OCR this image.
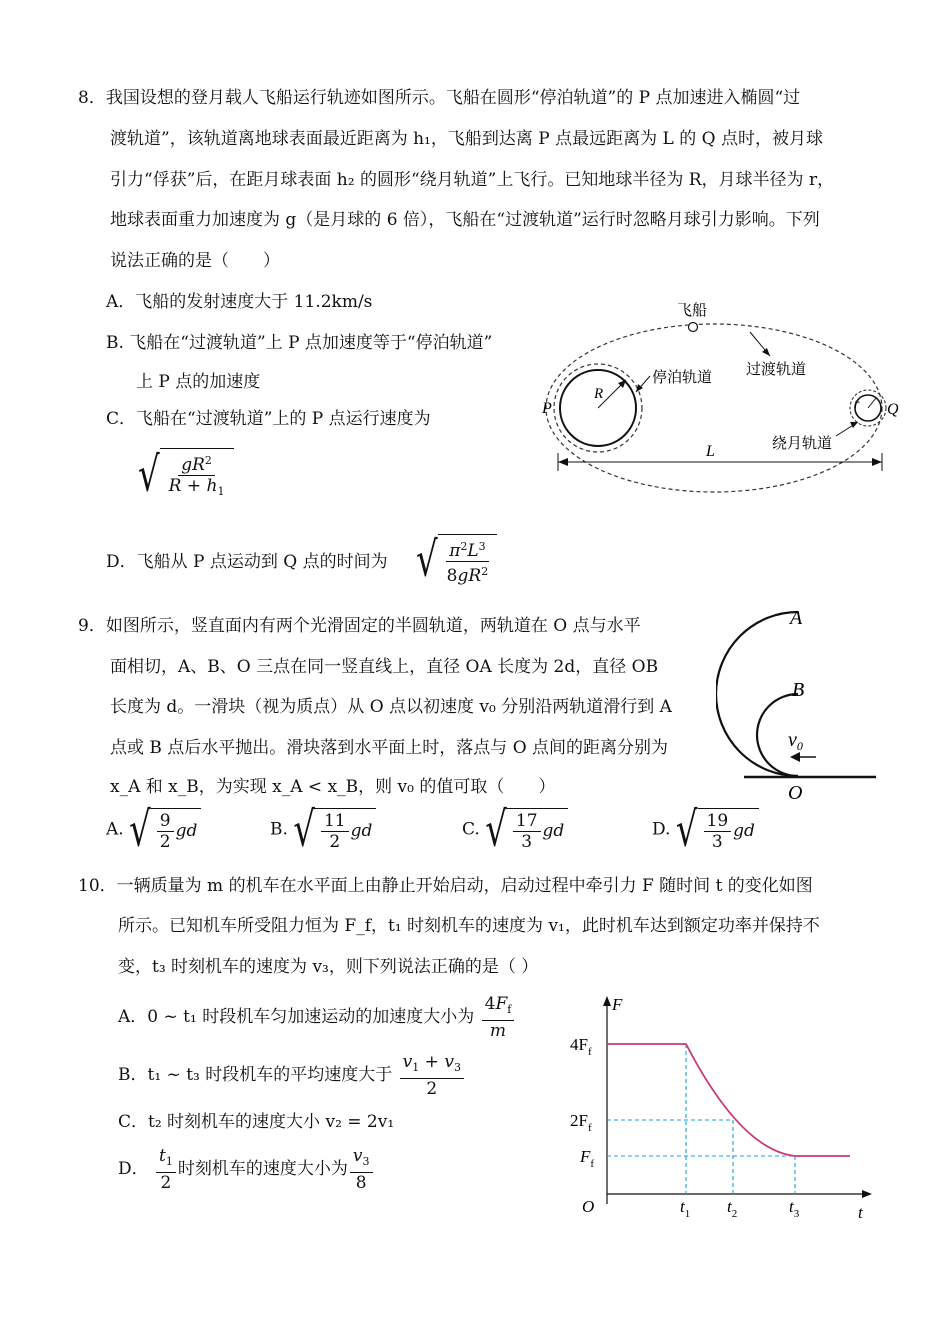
8．我国设想的登月载人飞船运行轨迹如图所示。飞船在圆形“停泊轨道”的 P 点加速进入椭圆“过
渡轨道”，该轨道离地球表面最近距离为 h₁，飞船到达离 P 点最远距离为 L 的 Q 点时，被月球
引力“俘获”后，在距月球表面 h₂ 的圆形“绕月轨道”上飞行。已知地球半径为 R，月球半径为 r，
地球表面重力加速度为 g（是月球的 6 倍），飞船在“过渡轨道”运行时忽略月球引力影响。下列
说法正确的是（　　）
A．飞船的发射速度大于 11.2km/s
B. 飞船在“过渡轨道”上 P 点加速度等于“停泊轨道”
上 P 点的加速度
C．飞船在“过渡轨道”上的 P 点运行速度为
√ $\frac{gR^2}{R + h_1}$
D．飞船从 P 点运动到 Q 点的时间为 √ $\frac{\pi^2L^3}{8gR^2}$
R
r
飞船
停泊轨道 过渡轨道
绕月轨道
P	Q
L
9．如图所示，竖直面内有两个光滑固定的半圆轨道，两轨道在 O 点与水平
面相切，A、B、O 三点在同一竖直线上，直径 OA 长度为 2d，直径 OB
长度为 d。一滑块（视为质点）从 O 点以初速度 v₀ 分别沿两轨道滑行到 A
点或 B 点后水平抛出。滑块落到水平面上时，落点与 O 点间的距离分别为
x_A 和 x_B，为实现 x_A < x_B，则 v₀ 的值可取（　　）
A. √ $\frac{9}{2}$ gd	B. √ $\frac{11}{2}$ gd	C. √ $\frac{17}{3}$ gd	D. √ $\frac{19}{3}$ gd
A
B
O
$v_0$
10．一辆质量为 m 的机车在水平面上由静止开始启动，启动过程中牵引力 F 随时间 t 的变化如图
所示。已知机车所受阻力恒为 F_f，t₁ 时刻机车的速度为 v₁，此时机车达到额定功率并保持不
变，t₃ 时刻机车的速度为 v₃，则下列说法正确的是（ ）
A．0 ~ t₁ 时段机车匀加速运动的加速度大小为 $\frac{4F_f}{m}$
B．t₁ ~ t₃ 时段机车的平均速度大于 $\frac{v_1 + v_3}{2}$
C．t₂ 时刻机车的速度大小 v₂ = 2v₁
D． $\frac{t_1}{2}$ 时刻机车的速度大小为 $\frac{v_3}{8}$
F
t
O
$4F_f$
$2F_f$
$F_f$
$t_1$ $t_2$	$t_3$
